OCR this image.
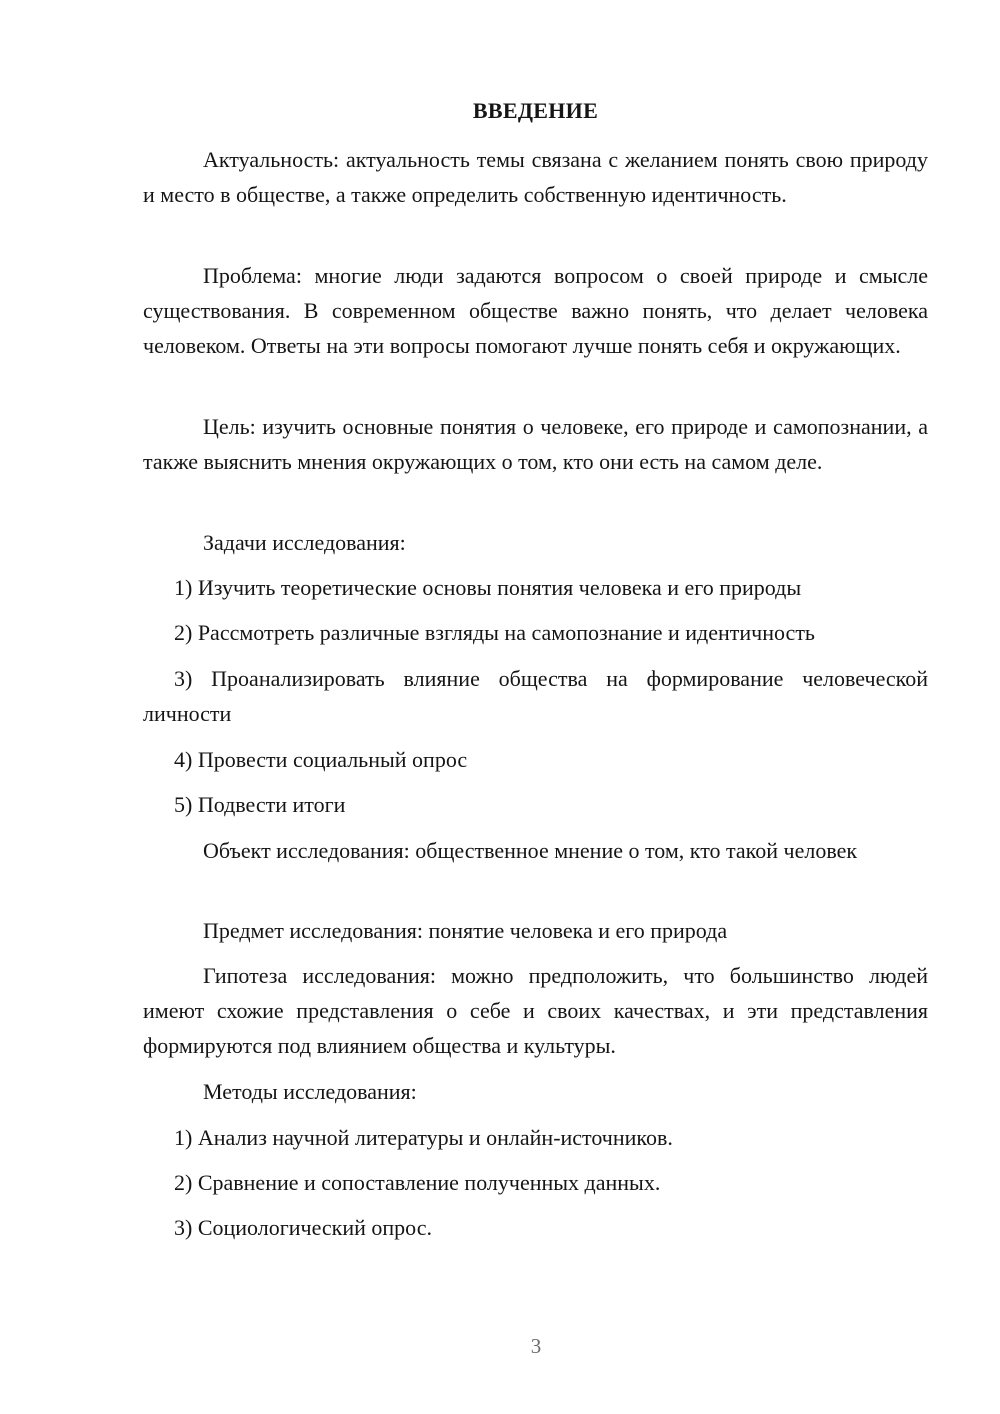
ВВЕДЕНИЕ

Актуальность: актуальность темы связана с желанием понять свою природу и место в обществе, а также определить собственную идентичность.

Проблема: многие люди задаются вопросом о своей природе и смысле существования. В современном обществе важно понять, что делает человека человеком. Ответы на эти вопросы помогают лучше понять себя и окружающих.

Цель: изучить основные понятия о человеке, его природе и самопознании, а также выяснить мнения окружающих о том, кто они есть на самом деле.

Задачи исследования:

1) Изучить теоретические основы понятия человека и его природы

2) Рассмотреть различные взгляды на самопознание и идентичность

3) Проанализировать влияние общества на формирование человеческой личности

4) Провести социальный опрос

5) Подвести итоги

Объект исследования: общественное мнение о том, кто такой человек

Предмет исследования: понятие человека и его природа

Гипотеза исследования: можно предположить, что большинство людей имеют схожие представления о себе и своих качествах, и эти представления формируются под влиянием общества и культуры.

Методы исследования:

1) Анализ научной литературы и онлайн-источников.

2) Сравнение и сопоставление полученных данных.

3) Социологический опрос.

3
